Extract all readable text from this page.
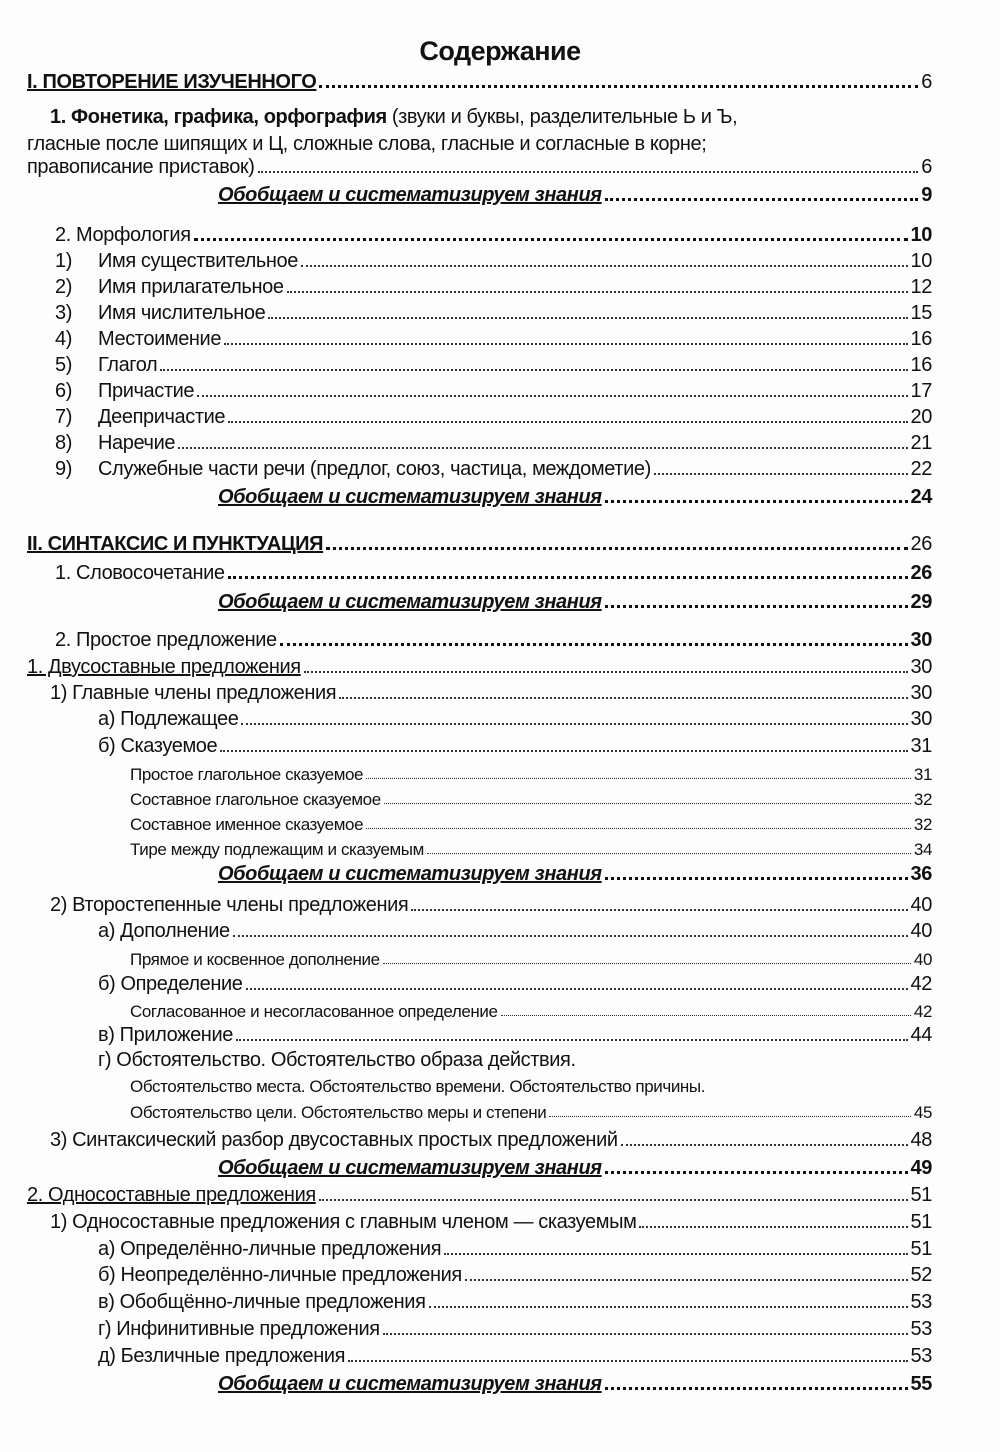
Содержание
I. ПОВТОРЕНИЕ ИЗУЧЕННОГО	6
1. Фонетика, графика, орфография (звуки и буквы, разделительные Ь и Ъ,
гласные после шипящих и Ц, сложные слова, гласные и согласные в корне;
правописание приставок)	6
Обобщаем и систематизируем знания	9
2. Морфология	10
1) Имя существительное	10
2) Имя прилагательное	12
3) Имя числительное	15
4) Местоимение	16
5) Глагол	16
6) Причастие	17
7) Деепричастие	20
8) Наречие	21
9) Служебные части речи (предлог, союз, частица, междометие)	22
Обобщаем и систематизируем знания	24
II. СИНТАКСИС И ПУНКТУАЦИЯ	26
1. Словосочетание	26
Обобщаем и систематизируем знания	29
2. Простое предложение	30
1. Двусоставные предложения	30
1) Главные члены предложения	30
а) Подлежащее	30
б) Сказуемое	31
Простое глагольное сказуемое	31
Составное глагольное сказуемое	32
Составное именное сказуемое	32
Тире между подлежащим и сказуемым	34
Обобщаем и систематизируем знания	36
2) Второстепенные члены предложения	40
а) Дополнение	40
Прямое и косвенное дополнение	40
б) Определение	42
Согласованное и несогласованное определение	42
в) Приложение	44
г) Обстоятельство. Обстоятельство образа действия.
Обстоятельство места. Обстоятельство времени. Обстоятельство причины.
Обстоятельство цели. Обстоятельство меры и степени	45
3) Синтаксический разбор двусоставных простых предложений	48
Обобщаем и систематизируем знания	49
2. Односоставные предложения	51
1) Односоставные предложения с главным членом — сказуемым	51
а) Определённо-личные предложения	51
б) Неопределённо-личные предложения	52
в) Обобщённо-личные предложения	53
г) Инфинитивные предложения	53
д) Безличные предложения	53
Обобщаем и систематизируем знания	55
